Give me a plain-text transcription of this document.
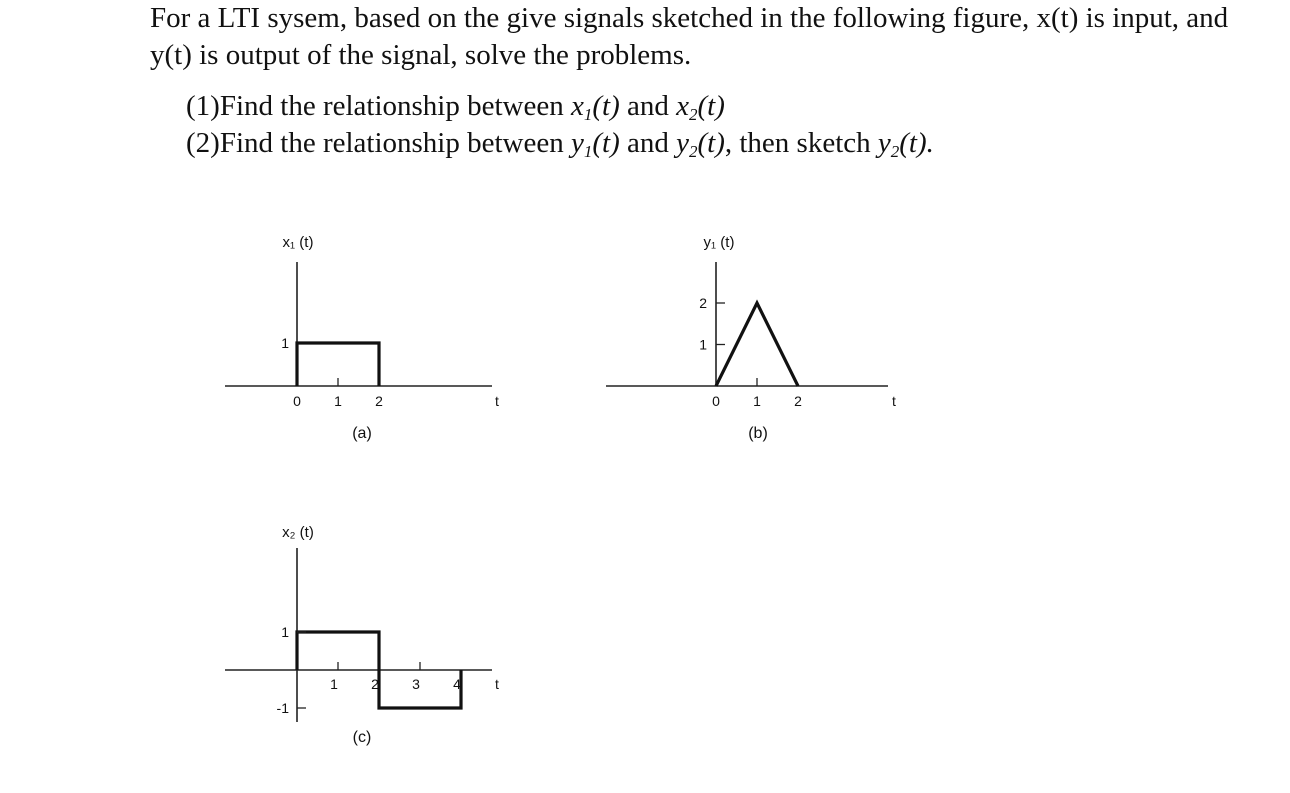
For a LTI sysem, based on the give signals sketched in the following figure, x(t) is input, and y(t) is output of the signal, solve the problems.

(1)Find the relationship between $x_1(t)$ and $x_2(t)$
(2)Find the relationship between $y_1(t)$ and $y_2(t)$, then sketch $y_2(t)$.
1
0 1 2
x₁ (t)
t
(a)
1
2
0 1 2
y₁ (t)
t
(b)
1
-1
1 2 3 4
x₂ (t)
t
(c)
